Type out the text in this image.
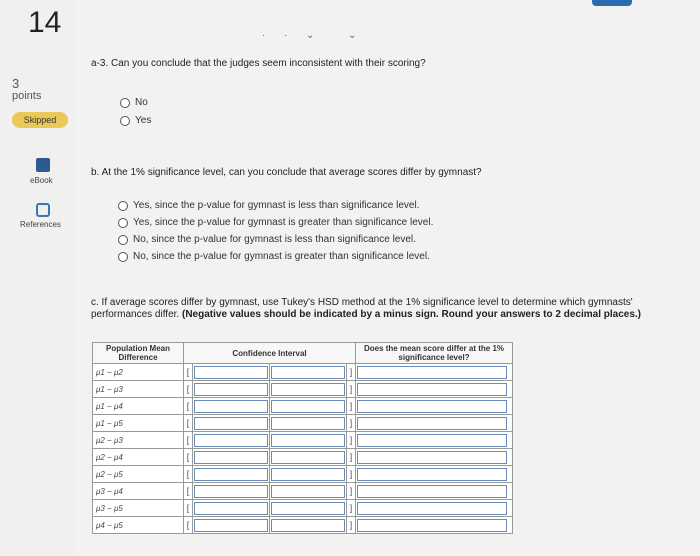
14
3
points
Skipped
eBook
References
· · ⌄	⌄
a-3. Can you conclude that the judges seem inconsistent with their scoring?
No
Yes
b. At the 1% significance level, can you conclude that average scores differ by gymnast?
Yes, since the p-value for gymnast is less than significance level.
Yes, since the p-value for gymnast is greater than significance level.
No, since the p-value for gymnast is less than significance level.
No, since the p-value for gymnast is greater than significance level.
c. If average scores differ by gymnast, use Tukey's HSD method at the 1% significance level to determine which gymnasts' performances differ. (Negative values should be indicated by a minus sign. Round your answers to 2 decimal places.)
Population Mean Difference	Confidence Interval				Does the mean score differ at the 1% significance level?
μ1 − μ2	[			]	

μ1 − μ3	[			]	

μ1 − μ4	[			]	

μ1 − μ5	[			]	

μ2 − μ3	[			]	

μ2 − μ4	[			]	

μ2 − μ5	[			]	

μ3 − μ4	[			]	

μ3 − μ5	[			]	

μ4 − μ5	[			]	
